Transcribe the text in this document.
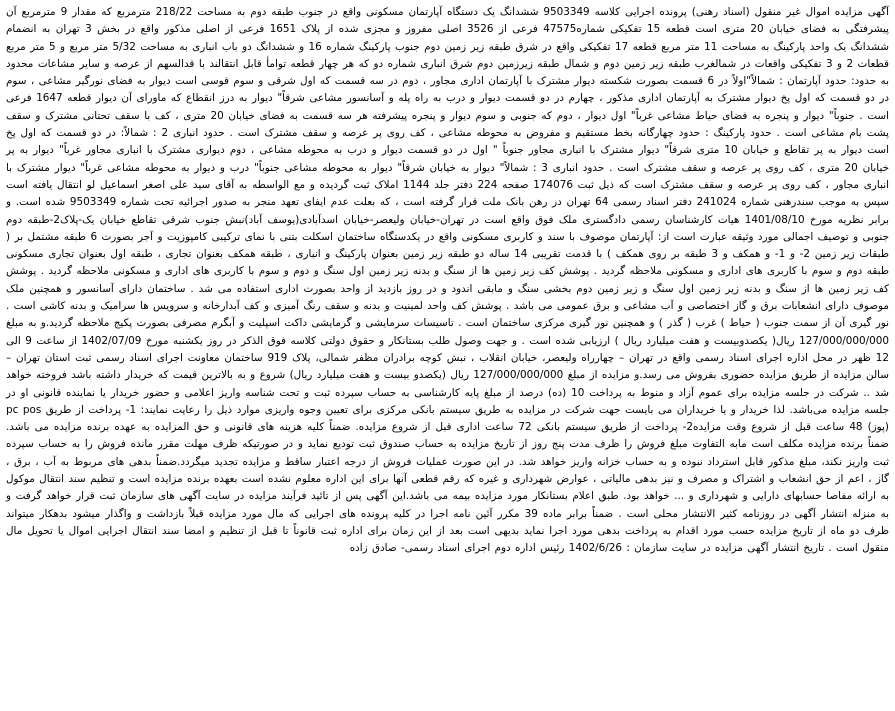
آگهی مزایده اموال غیر منقول (اسناد رهنی) پرونده اجرایی کلاسه 9503349 ششدانگ یک دستگاه آپارتمان مسکونی واقع در جنوب طبقه دوم به مساحت 218/22 مترمربع که مقدار 9 مترمربع آن پیشرفتگی به فضای خیابان 20 متری است قطعه 15 تفکیکی شماره47575 فرعی از 3526 اصلی مفروز و مجزی شده از پلاک 1651 فرعی از اصلی مذکور واقع در بخش 3 تهران به انضمام ششدانگ یک واحد پارکینگ به مساحت 11 متر مربع قطعه 17 تفکیکی واقع در شرق طبقه زیر زمین دوم جنوب پارکینگ شماره 16 و ششدانگ دو باب انباری به مساحت 5/32 متر مربع و 5 متر مربع قطعات 2 و 3 تفکیکی واقعات در شمالغرب طبقه زیر زمین دوم و شمال طبقه زیرزمین دوم شرق انباری شماره دو که هر چهار قطعه توامأ قابل انتقالند با قدالسهم از عرصه و سایر مشاعات محدود به حدود: حدود آپارتمان : شمالاً"اولاً در 6 قسمت بصورت شکسته دیوار مشترک با آپارتمان اداری مجاور ، دوم در سه قسمت که اول شرقی و سوم قوسی است دیوار به فضای نورگیر مشاعی ، سوم در دو قسمت که اول پخ دیوار مشترک به آپارتمان اداری مذکور ، چهارم در دو قسمت دیوار و درب به راه پله و آسانسور مشاعی شرقاً" دیوار به درز انقطاع که ماورای آن دیوار قطعه 1647 فرعی است . جنوباً" دیوار و پنجره به فضای حیاط مشاعی غرباً" اول دیوار ، دوم که جنوبی و سوم دیوار و پنجره پیشرفته هر سه قسمت به فضای خیابان 20 متری ، کف با سقف تحتانی مشترک و سقف پشت بام مشاعی است . حدود پارکینگ : حدود چهارگانه بخط مستقیم و مفروض به محوطه مشاعی ، کف روی پر عرصه و سقف مشترک است . حدود انباری 2 : شمالاً: در دو قسمت که اول پخ است دیوار به پر تقاطع و خیابان 10 متری شرقاً" دیوار مشترک با انباری مجاور جنوباً " اول در دو قسمت دیوار و درب به محوطه مشاعی ، دوم دیواری مشترک با انباری مجاور غرباً" دیوار به پر خیابان 20 متری ، کف روی پر عرصه و سقف مشترک است . حدود انباری 3 : شمالاً" دیوار به خیابان شرقاً" دیوار به محوطه مشاعی جنوباً" درب و دیوار به محوطه مشاعی غرباً" دیوار مشترک با انباری مجاور ، کف روی پر عرصه و سقف مشترک است که ذیل ثبت 174076 صفحه 224 دفتر جلد 1144 املاک ثبت گردیده و مع الواسطه به آقای سید علی اصغر اسماعیل لو انتقال یافته است سپس به موجب سندرهنی شماره 241024 دفتر اسناد رسمی 64 تهران در رهن بانک ملت قرار گرفته است ، که بعلت عدم ایفای تعهد منجر به صدور اجرائیه تحت شماره 9503349 شده است. و برابر نظریه مورخ 1401/08/10 هیات کارشناسان رسمی دادگستری ملک فوق واقع است در تهران-خیابان ولیعصر-خیابان اسدآبادی(یوسف آباد)نبش جنوب شرقی تقاطع خیابان یک-پلاک2-طبقه دوم جنوبی و توصیف اجمالی مورد وثیقه عبارت است از: آپارتمان موصوف با سند و کاربری مسکونی واقع در یکدستگاه ساختمان اسکلت بتنی با نمای ترکیبی کامپوزیت و آجر بصورت 6 طبقه مشتمل بر ( طبقات زیر زمین 2- و 1- و همکف و 3 طبقه بر روی همکف ) با قدمت تقریبی 14 ساله دو طبقه زیر زمین بعنوان پارکینگ و انباری ، طبقه همکف بعنوان تجاری ، طبقه اول بعنوان تجاری مسکونی طبقه دوم و سوم با کاربری های اداری و مسکونی ملاحظه گردید . پوشش کف زیر زمین ها از سنگ و بدنه زیر زمین اول سنگ و دوم و سوم با کاربری های اداری و مسکونی ملاحظه گردید . پوشش کف زیر زمین ها از سنگ و بدنه زیر زمین اول سنگ و زیر زمین دوم بخشی سنگ و مابقی اندود و در روز بازدید از واحد بصورت اداری استفاده می شد . ساختمان دارای آسانسور و همچنین ملک موصوف دارای انشعابات برق و گاز اختصاصی و آب مشاعی و برق عمومی می باشد . پوشش کف واحد لمینیت و بدنه و سقف رنگ آمیزی و کف آبدارخانه و سرویس ها سرامیک و بدنه کاشی است . نور گیری آن از سمت جنوب ( حیاط ) غرب ( گذر ) و همچنین نور گیری مرکزی ساختمان است . تاسیسات سرمایشی و گرمایشی داکت اسپلیت و آبگرم مصرفی بصورت پکیج ملاحظه گردید.و به مبلغ 127/000/000/000 ریال( یکصدوبیست و هفت میلیارد ریال ) ارزیابی شده است . و جهت وصول طلب بستانکار و حقوق دولتی کلاسه فوق الذکر در روز یکشنبه مورخ 1402/07/09 از ساعت 9 الی 12 ظهر در محل اداره اجرای اسناد رسمی واقع در تهران – چهارراه ولیعصر، خیابان انقلاب ، نبش کوچه برادران مظفر شمالی، پلاک 919 ساختمان معاونت اجرای اسناد رسمی ثبت استان تهران – سالن مزایده از طریق مزایده حضوری بفروش می رسد.و مزایده از مبلغ 127/000/000/000 ریال (یکصدو بیست و هفت میلیارد ریال) شروع و به بالاترین قیمت که خریدار داشته باشد فروخته خواهد شد .. شرکت در جلسه مزایده برای عموم آزاد و منوط به پرداخت 10 (ده) درصد از مبلغ پایه کارشناسی به حساب سپرده ثبت و تحت شناسه واریز اعلامی و حضور خریدار یا نماینده قانونی او در جلسه مزایده می‌باشد. لذا خریدار و یا خریداران می بایست جهت شرکت در مزایده به طریق سیستم بانکی مرکزی برای تعیین وجوه واریزی موارد ذیل را رعایت نمایند: 1- پرداخت از طریق pc pos (پوز) 48 ساعت قبل از شروع وقت مزایده2- پرداخت از طریق سیستم بانکی 72 ساعت اداری قبل از شروع مزایده. ضمناً کلیه هزینه های قانونی و حق المزایده به عهده برنده مزایده می باشد. ضمناً برنده مزایده مکلف است مابه التفاوت مبلغ فروش را ظرف مدت پنج روز از تاریخ مزایده به حساب صندوق ثبت تودیع نماید و در صورتیکه ظرف مهلت مقرر مانده فروش را به حساب سپرده ثبت واریز نکند، مبلغ مذکور قابل استرداد نبوده و به حساب خزانه واریز خواهد شد. در این صورت عملیات فروش از درجه اعتبار ساقط و مزایده تجدید میگردد.ضمناً بدهی های مربوط به آب ، برق ، گاز ، اعم از حق انشعاب و اشتراک و مصرف و نیز بدهی مالیاتی ، عوارض شهرداری و غیره که رقم قطعی آنها برای این اداره معلوم نشده است بعهده برنده مزایده است و تنظیم سند انتقال موکول به ارائه مفاصا حسابهای دارایی و شهرداری و ... خواهد بود. طبق اعلام بستانکار مورد مزایده بیمه می باشد.این آگهی پس از تائید فرآیند مزایده در سایت آگهی های سازمان ثبت قرار خواهد گرفت و به منزله انتشار آگهی در روزنامه کثیر الانتشار محلی است . ضمناً برابر ماده 39 مکرر آئین نامه اجرا در کلیه پرونده های اجرایی که مال مورد مزایده قبلاً بازداشت و واگذار میشود بدهکار میتواند ظرف دو ماه از تاریخ مزایده حسب مورد اقدام به پرداخت بدهی مورد اجرا نماید بدیهی است بعد از این زمان برای اداره ثبت قانوناً تا قبل از تنظیم و امضا سند انتقال اجرایی اموال یا تحویل مال منقول است . تاریخ انتشار آگهی مزایده در سایت سازمان : 1402/6/26 رئیس اداره دوم اجرای اسناد رسمی- صادق زاده
